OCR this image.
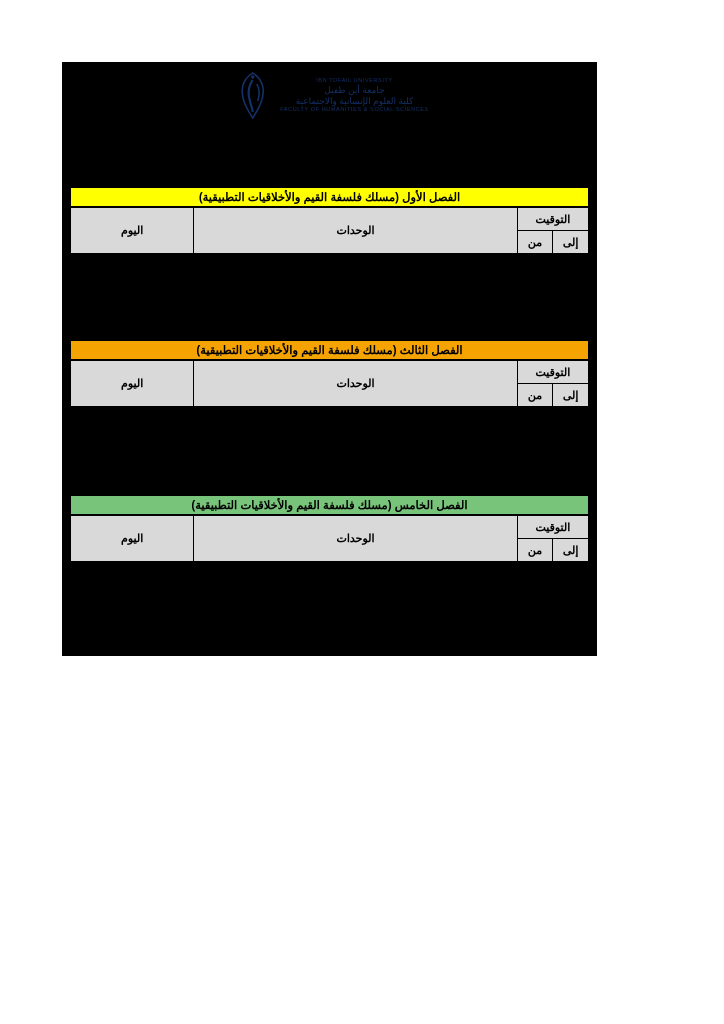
IBN TOFAIL UNIVERSITY
جامعة أبن طفيل
كلية العلوم الإنسانية والاجتماعية
FACULTY OF HUMANITIES & SOCIAL SCIENCES
الفصل الأول (مسلك فلسفة القيم والأخلاقيات التطبيقية)
التوقيت		الوحدات	اليوم
إلى	من		
الفصل الثالث (مسلك فلسفة القيم والأخلاقيات التطبيقية)
التوقيت		الوحدات	اليوم
إلى	من		
الفصل الخامس (مسلك فلسفة القيم والأخلاقيات التطبيقية)
التوقيت		الوحدات	اليوم
إلى	من		
